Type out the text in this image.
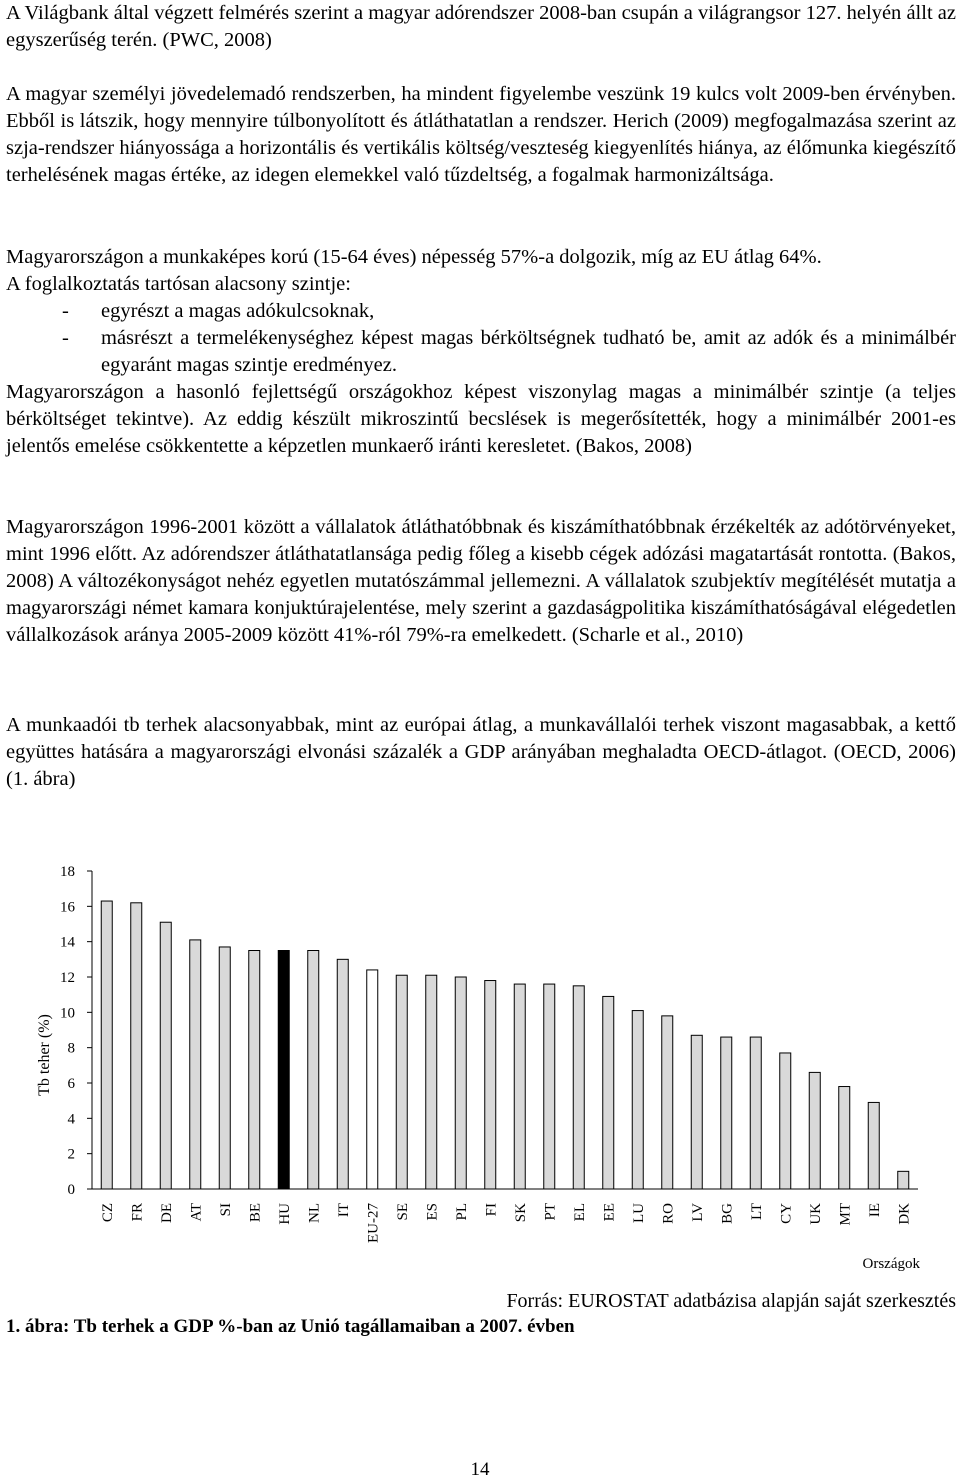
A Világbank által végzett felmérés szerint a magyar adórendszer 2008-ban csupán a világrangsor 127. helyén állt az egyszerűség terén. (PWC, 2008)

A magyar személyi jövedelemadó rendszerben, ha mindent figyelembe veszünk 19 kulcs volt 2009-ben érvényben. Ebből is látszik, hogy mennyire túlbonyolított és átláthatatlan a rendszer. Herich (2009) megfogalmazása szerint az szja-rendszer hiányossága a horizontális és vertikális költség/veszteség kiegyenlítés hiánya, az élőmunka kiegészítő terhelésének magas értéke, az idegen elemekkel való tűzdeltség, a fogalmak harmonizáltsága.

Magyarországon a munkaképes korú (15-64 éves) népesség 57%-a dolgozik, míg az EU átlag 64%.

A foglalkoztatás tartósan alacsony szintje:

- egyrészt a magas adókulcsoknak,
- másrészt a termelékenységhez képest magas bérköltségnek tudható be, amit az adók és a minimálbér egyaránt magas szintje eredményez.

Magyarországon a hasonló fejlettségű országokhoz képest viszonylag magas a minimálbér szintje (a teljes bérköltséget tekintve). Az eddig készült mikroszintű becslések is megerősítették, hogy a minimálbér 2001-es jelentős emelése csökkentette a képzetlen munkaerő iránti keresletet. (Bakos, 2008)

Magyarországon 1996-2001 között a vállalatok átláthatóbbnak és kiszámíthatóbbnak érzékelték az adótörvényeket, mint 1996 előtt. Az adórendszer átláthatatlansága pedig főleg a kisebb cégek adózási magatartását rontotta. (Bakos, 2008) A változékonyságot nehéz egyetlen mutatószámmal jellemezni. A vállalatok szubjektív megítélését mutatja a magyarországi német kamara konjuktúrajelentése, mely szerint a gazdaságpolitika kiszámíthatóságával elégedetlen vállalkozások aránya 2005-2009 között 41%-ról 79%-ra emelkedett. (Scharle et al., 2010)

A munkaadói tb terhek alacsonyabbak, mint az európai átlag, a munkavállalói terhek viszont magasabbak, a kettő együttes hatására a magyarországi elvonási százalék a GDP arányában meghaladta OECD-átlagot. (OECD, 2006)(1. ábra)

0
2
4
6
8
10
12
14
16
18
Tb teher (%)
CZ FR DE AT SI BE HU NL IT EU-27 SE ES PL FI SK PT EL EE LU RO LV BG LT CY UK MT IE DK
Országok
Forrás: EUROSTAT adatbázisa alapján saját szerkesztés
1. ábra: Tb terhek a GDP %-ban az Unió tagállamaiban a 2007. évben
14
